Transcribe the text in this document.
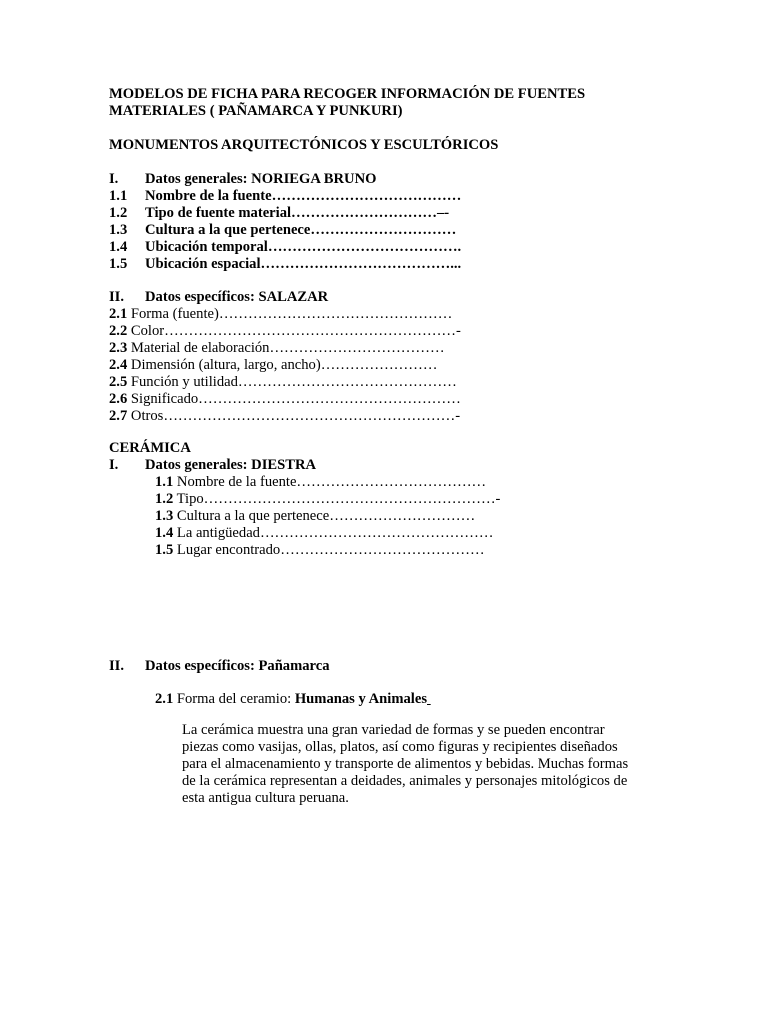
MODELOS DE FICHA PARA RECOGER INFORMACIÓN DE FUENTES
MATERIALES ( PAÑAMARCA Y PUNKURI)
MONUMENTOS ARQUITECTÓNICOS Y ESCULTÓRICOS
I. Datos generales: NORIEGA BRUNO
1.1 Nombre de la fuente…………………………………
1.2 Tipo de fuente material…………………………–-
1.3 Cultura a la que pertenece…………………………
1.4 Ubicación temporal………………………………….
1.5 Ubicación espacial…………………………………...
II. Datos específicos: SALAZAR
2.1 Forma (fuente)…………………………………………
2.2 Color……………………………………………………-
2.3 Material de elaboración………………………………
2.4 Dimensión (altura, largo, ancho)……………………
2.5 Función y utilidad………………………………………
2.6 Significado………………………………………………
2.7 Otros……………………………………………………-
CERÁMICA
I. Datos generales: DIESTRA
1.1 Nombre de la fuente…………………………………
1.2 Tipo……………………………………………………-
1.3 Cultura a la que pertenece…………………………
1.4 La antigüedad…………………………………………
1.5 Lugar encontrado……………………………………
II. Datos específicos: Pañamarca
2.1 Forma del ceramio: Humanas y Animales
La cerámica muestra una gran variedad de formas y se pueden encontrar
piezas como vasijas, ollas, platos, así como figuras y recipientes diseñados
para el almacenamiento y transporte de alimentos y bebidas. Muchas formas
de la cerámica representan a deidades, animales y personajes mitológicos de
esta antigua cultura peruana.
